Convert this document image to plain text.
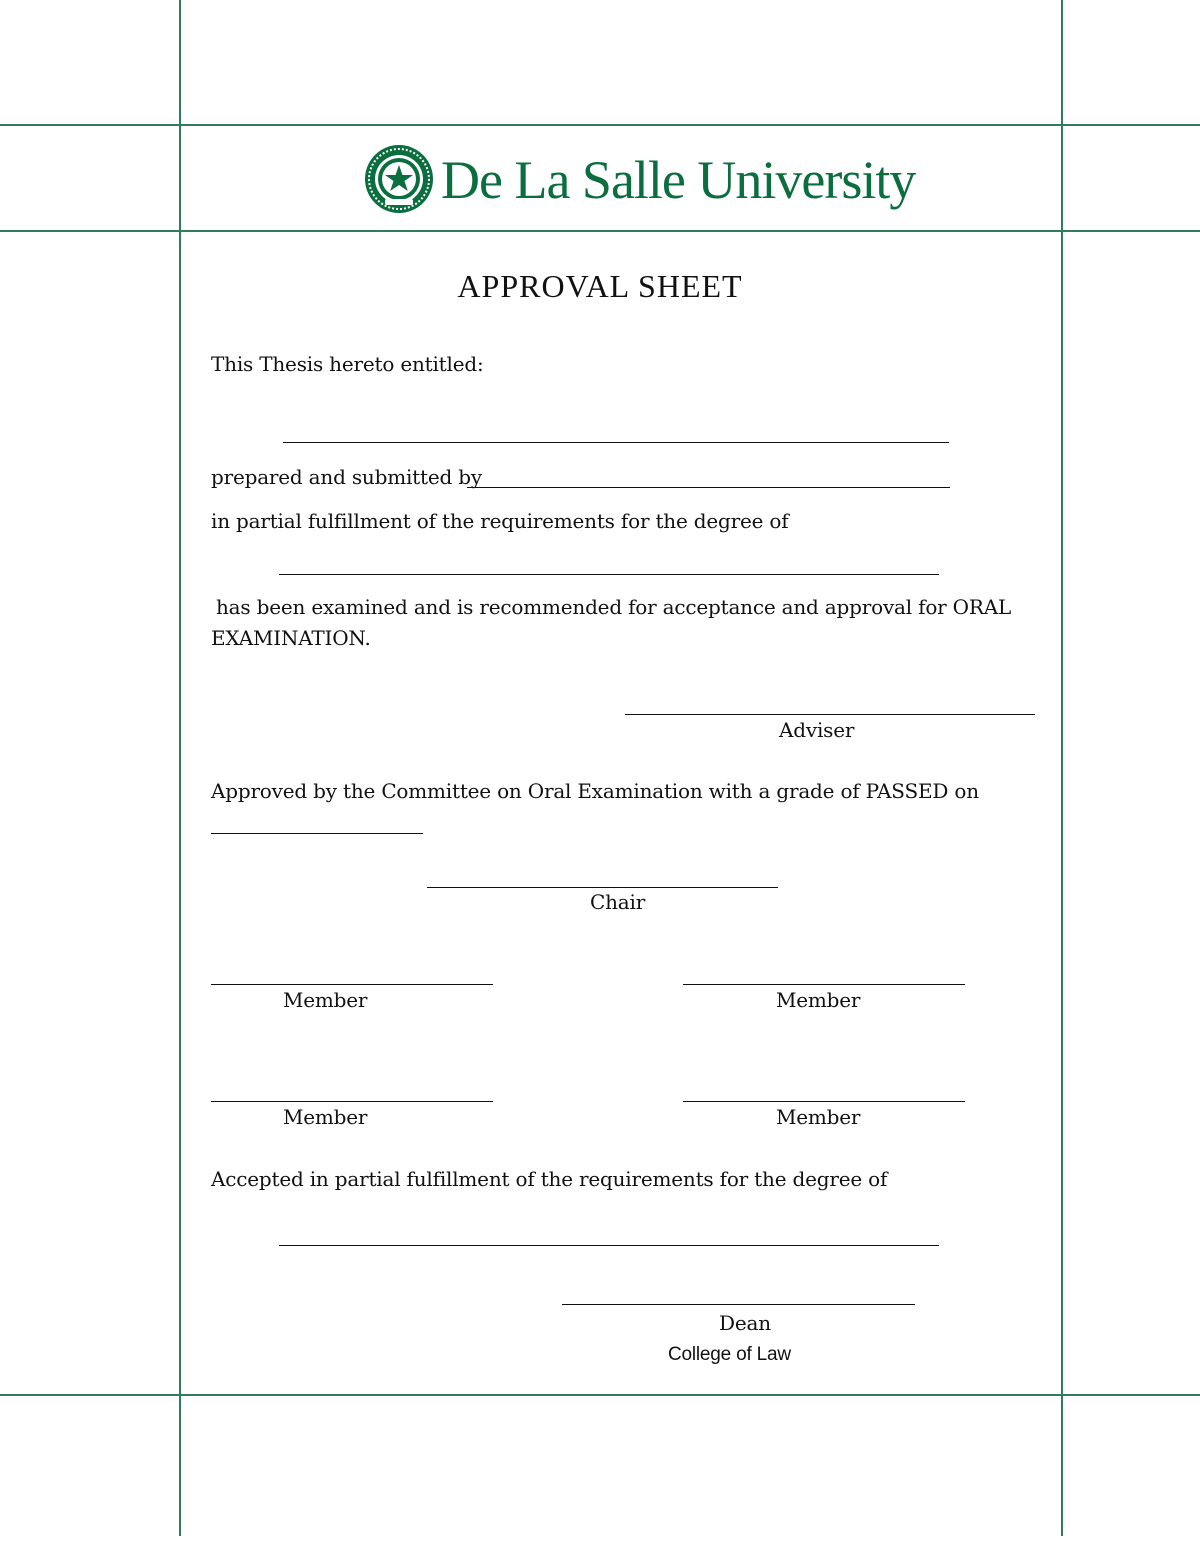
De La Salle University
APPROVAL SHEET
This Thesis hereto entitled:
prepared and submitted by
in partial fulfillment of the requirements for the degree of
has been examined and is recommended for acceptance and approval for ORAL
EXAMINATION.
Adviser
Approved by the Committee on Oral Examination with a grade of PASSED on
Chair
Member	Member
Member	Member
Accepted in partial fulfillment of the requirements for the degree of
Dean
College of Law
